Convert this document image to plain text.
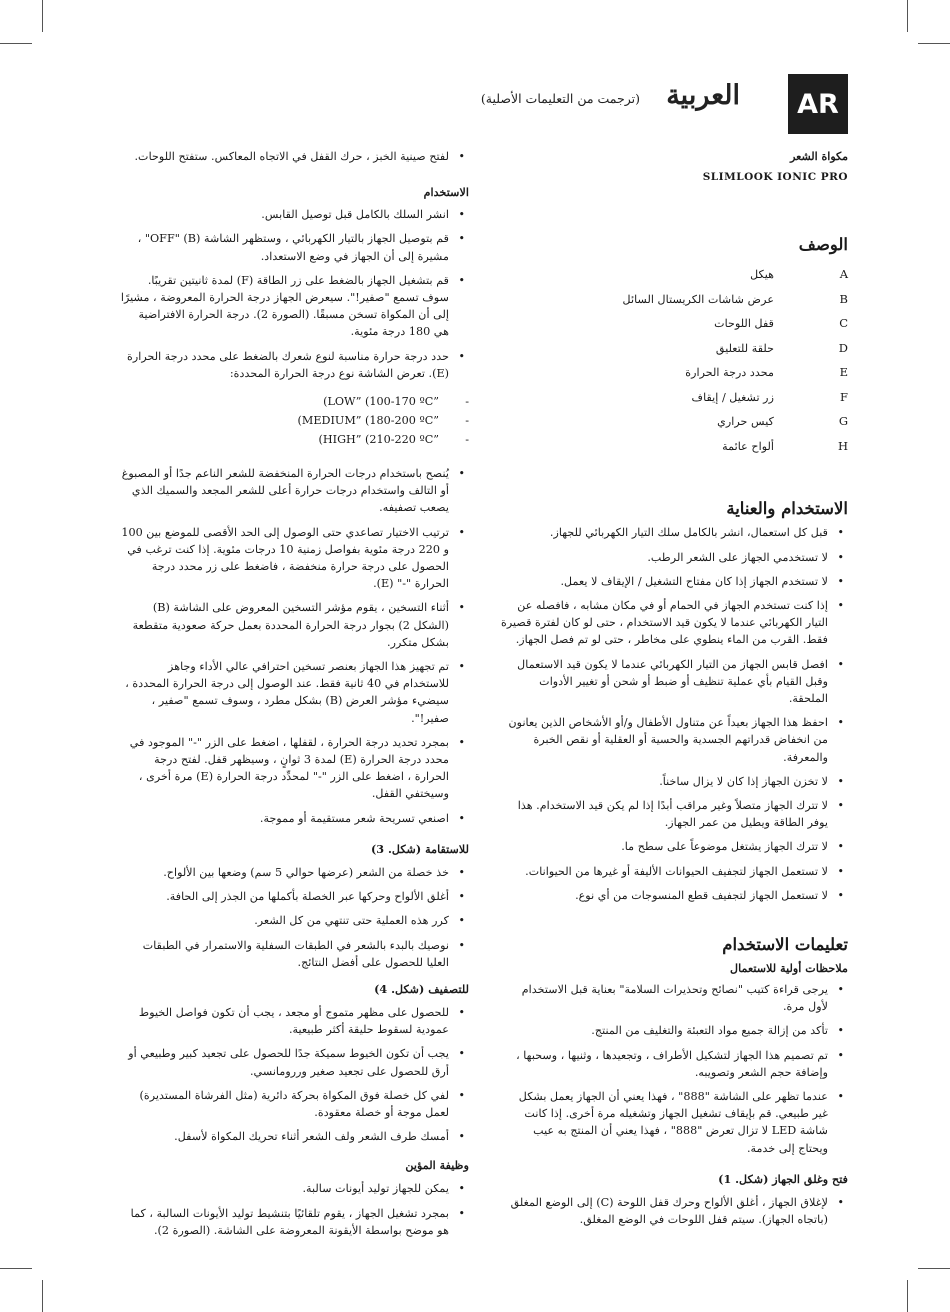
AR
العربية
(ترجمت من التعليمات الأصلية)

مكواة الشعر

SLIMLOOK IONIC PRO

الوصف
A
هيكل
B
عرض شاشات الكريستال السائل
C
قفل اللوحات
D
حلقة للتعليق
E
محدد درجة الحرارة
F
زر تشغيل / إيقاف
G
كيس حراري
H
ألواح عائمة
الاستخدام والعناية
• قبل كل استعمال، انشر بالكامل سلك التيار الكهربائي للجهاز.
• لا تستخدمي الجهاز على الشعر الرطب.
• لا تستخدم الجهاز إذا كان مفتاح التشغيل / الإيقاف لا يعمل.
• إذا كنت تستخدم الجهاز في الحمام أو في مكان مشابه ، فافصله عن التيار الكهربائي عندما لا يكون قيد الاستخدام ، حتى لو كان لفترة قصيرة فقط. القرب من الماء ينطوي على مخاطر ، حتى لو تم فصل الجهاز.
• افصل قابس الجهاز من التيار الكهربائي عندما لا يكون قيد الاستعمال وقبل القيام بأي عملية تنظيف أو ضبط أو شحن أو تغيير الأدوات الملحقة.
• احفظ هذا الجهاز بعيداً عن متناول الأطفال و/أو الأشخاص الذين يعانون من انخفاض قدراتهم الجسدية والحسية أو العقلية أو نقص الخبرة والمعرفة.
• لا تخزن الجهاز إذا كان لا يزال ساخناً.
• لا تترك الجهاز متصلاً وغير مراقب أبدًا إذا لم يكن قيد الاستخدام. هذا يوفر الطاقة ويطيل من عمر الجهاز.
• لا تترك الجهاز يشتغل موضوعاً على سطح ما.
• لا تستعمل الجهاز لتجفيف الحيوانات الأليفة أو غيرها من الحيوانات.
• لا تستعمل الجهاز لتجفيف قطع المنسوجات من أي نوع.
تعليمات الاستخدام
ملاحظات أولية للاستعمال
• يرجى قراءة كتيب "نصائح وتحذيرات السلامة" بعناية قبل الاستخدام لأول مرة.
• تأكد من إزالة جميع مواد التعبئة والتغليف من المنتج.
• تم تصميم هذا الجهاز لتشكيل الأطراف ، وتجعيدها ، وثنيها ، وسحبها ، وإضافة حجم الشعر وتصويبه.
• عندما تظهر على الشاشة "888" ، فهذا يعني أن الجهاز يعمل بشكل غير طبيعي. قم بإيقاف تشغيل الجهاز وتشغيله مرة أخرى. إذا كانت شاشة LED لا تزال تعرض "888" ، فهذا يعني أن المنتج به عيب ويحتاج إلى خدمة.
فتح وغلق الجهاز (شكل. 1)
• لإغلاق الجهاز ، أغلق الألواح وحرك قفل اللوحة (C) إلى الوضع المغلق (باتجاه الجهاز). سيتم قفل اللوحات في الوضع المغلق.
• لفتح صينية الخبز ، حرك القفل في الاتجاه المعاكس. ستفتح اللوحات.
الاستخدام
• انشر السلك بالكامل قبل توصيل القابس.
• قم بتوصيل الجهاز بالتيار الكهربائي ، وستظهر الشاشة (B) "OFF" ، مشيرة إلى أن الجهاز في وضع الاستعداد.
• قم بتشغيل الجهاز بالضغط على زر الطاقة (F) لمدة ثانيتين تقريبًا. سوف تسمع "صفير!". سيعرض الجهاز درجة الحرارة المعروضة ، مشيرًا إلى أن المكواة تسخن مسبقًا. (الصورة 2). درجة الحرارة الافتراضية هي 180 درجة مئوية.
• حدد درجة حرارة مناسبة لنوع شعرك بالضغط على محدد درجة الحرارة (E). تعرض الشاشة نوع درجة الحرارة المحددة:
(LOW” (100-170 ºC” -
(MEDIUM” (180-200 ºC” -
(HIGH” (210-220 ºC” -
• يُنصح باستخدام درجات الحرارة المنخفضة للشعر الناعم جدًا أو المصبوغ أو التالف واستخدام درجات حرارة أعلى للشعر المجعد والسميك الذي يصعب تصفيفه.
• ترتيب الاختيار تصاعدي حتى الوصول إلى الحد الأقصى للموضع بين 100 و 220 درجة مئوية بفواصل زمنية 10 درجات مئوية. إذا كنت ترغب في الحصول على درجة حرارة منخفضة ، فاضغط على زر محدد درجة الحرارة "-" (E).
• أثناء التسخين ، يقوم مؤشر التسخين المعروض على الشاشة (B) (الشكل 2) بجوار درجة الحرارة المحددة بعمل حركة صعودية متقطعة بشكل متكرر.
• تم تجهيز هذا الجهاز بعنصر تسخين احترافي عالي الأداء وجاهز للاستخدام في 40 ثانية فقط. عند الوصول إلى درجة الحرارة المحددة ، سيضيء مؤشر العرض (B) بشكل مطرد ، وسوف تسمع "صفير ، صفير!".
• بمجرد تحديد درجة الحرارة ، لقفلها ، اضغط على الزر "-" الموجود في محدد درجة الحرارة (E) لمدة 3 ثوانٍ ، وسيظهر قفل. لفتح درجة الحرارة ، اضغط على الزر "-" لمحدِّد درجة الحرارة (E) مرة أخرى ، وسيختفي القفل.
• اصنعي تسريحة شعر مستقيمة أو مموجة.
للاستقامة (شكل. 3)
• خذ خصلة من الشعر (عرضها حوالي 5 سم) وضعها بين الألواح.
• أغلق الألواح وحركها عبر الخصلة بأكملها من الجذر إلى الحافة.
• كرر هذه العملية حتى تنتهي من كل الشعر.
• نوصيك بالبدء بالشعر في الطبقات السفلية والاستمرار في الطبقات العليا للحصول على أفضل النتائج.
للتصفيف (شكل. 4)
• للحصول على مظهر متموج أو مجعد ، يجب أن تكون فواصل الخيوط عمودية لسقوط حليقة أكثر طبيعية.
• يجب أن تكون الخيوط سميكة جدًا للحصول على تجعيد كبير وطبيعي أو أرق للحصول على تجعيد صغير وررومانسي.
• لفي كل خصلة فوق المكواة بحركة دائرية (مثل الفرشاة المستديرة) لعمل موجة أو خصلة معقودة.
• أمسك طرف الشعر ولف الشعر أثناء تحريك المكواة لأسفل.
وظيفة المؤين
• يمكن للجهاز توليد أيونات سالبة.
• بمجرد تشغيل الجهاز ، يقوم تلقائيًا بتنشيط توليد الأيونات السالبة ، كما هو موضح بواسطة الأيقونة المعروضة على الشاشة. (الصورة 2).
